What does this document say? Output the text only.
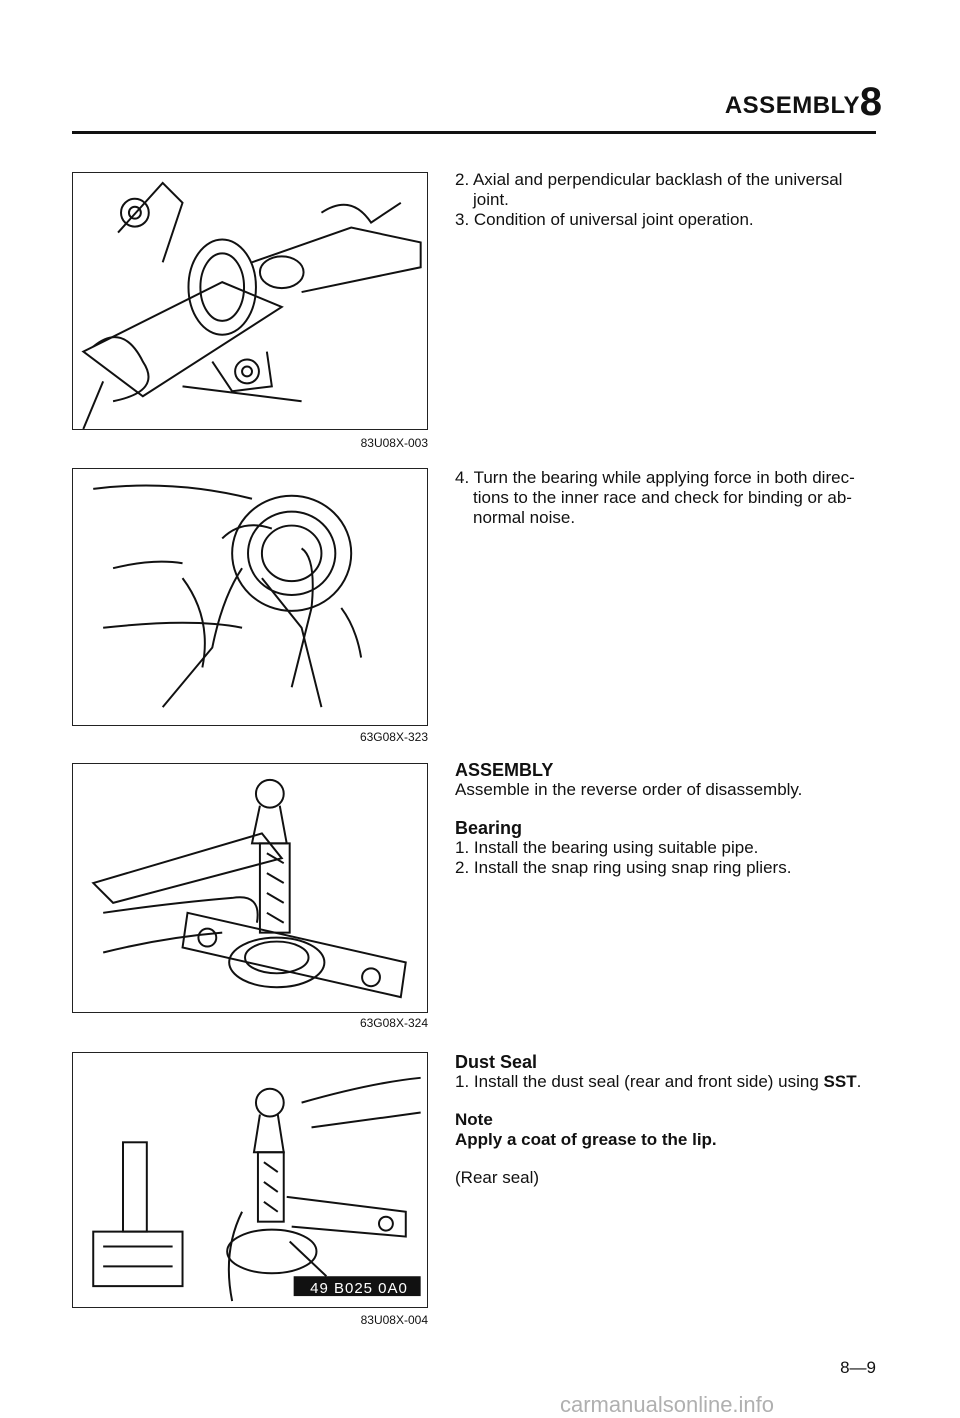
ASSEMBLY 8
83U08X-003
63G08X-323
63G08X-324
49 B025 0A0
83U08X-004

2. Axial and perpendicular backlash of the universal

joint.

3. Condition of universal joint operation.

4. Turn the bearing while applying force in both direc-

tions to the inner race and check for binding or ab-

normal noise.

ASSEMBLY

Assemble in the reverse order of disassembly.

Bearing

1. Install the bearing using suitable pipe.

2. Install the snap ring using snap ring pliers.

Dust Seal

1. Install the dust seal (rear and front side) using SST.

Note

Apply a coat of grease to the lip.

(Rear seal)

8—9
carmanualsonline.info
